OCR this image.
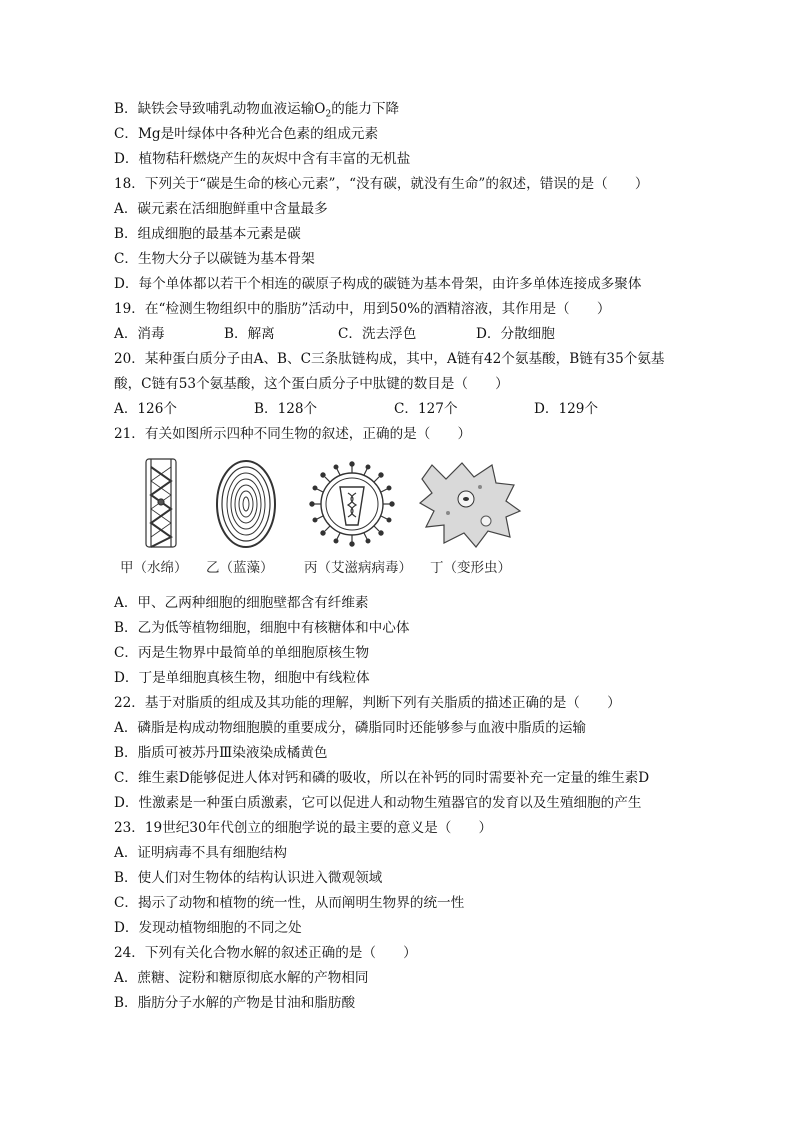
B．缺铁会导致哺乳动物血液运输$O_2$的能力下降
C．Mg是叶绿体中各种光合色素的组成元素
D．植物秸秆燃烧产生的灰烬中含有丰富的无机盐
18．下列关于“碳是生命的核心元素”，“没有碳，就没有生命”的叙述，错误的是（　　）
A．碳元素在活细胞鲜重中含量最多
B．组成细胞的最基本元素是碳
C．生物大分子以碳链为基本骨架
D．每个单体都以若干个相连的碳原子构成的碳链为基本骨架，由许多单体连接成多聚体
19．在“检测生物组织中的脂肪”活动中，用到50%的酒精溶液，其作用是（　　）
A．消毒	B．解离	C．洗去浮色	D．分散细胞
20．某种蛋白质分子由A、B、C三条肽链构成，其中，A链有42个氨基酸，B链有35个氨基
酸，C链有53个氨基酸，这个蛋白质分子中肽键的数目是（　　）
A．126个	B．128个	C．127个	D．129个
21．有关如图所示四种不同生物的叙述，正确的是（　　）
甲（水绵） 乙（蓝藻） 丙（艾滋病病毒） 丁（变形虫）
A．甲、乙两种细胞的细胞壁都含有纤维素
B．乙为低等植物细胞，细胞中有核糖体和中心体
C．丙是生物界中最简单的单细胞原核生物
D．丁是单细胞真核生物，细胞中有线粒体
22．基于对脂质的组成及其功能的理解，判断下列有关脂质的描述正确的是（　　）
A．磷脂是构成动物细胞膜的重要成分，磷脂同时还能够参与血液中脂质的运输
B．脂质可被苏丹Ⅲ染液染成橘黄色
C．维生素D能够促进人体对钙和磷的吸收，所以在补钙的同时需要补充一定量的维生素D
D．性激素是一种蛋白质激素，它可以促进人和动物生殖器官的发育以及生殖细胞的产生
23．19世纪30年代创立的细胞学说的最主要的意义是（　　）
A．证明病毒不具有细胞结构
B．使人们对生物体的结构认识进入微观领域
C．揭示了动物和植物的统一性，从而阐明生物界的统一性
D．发现动植物细胞的不同之处
24．下列有关化合物水解的叙述正确的是（　　）
A．蔗糖、淀粉和糖原彻底水解的产物相同
B．脂肪分子水解的产物是甘油和脂肪酸
